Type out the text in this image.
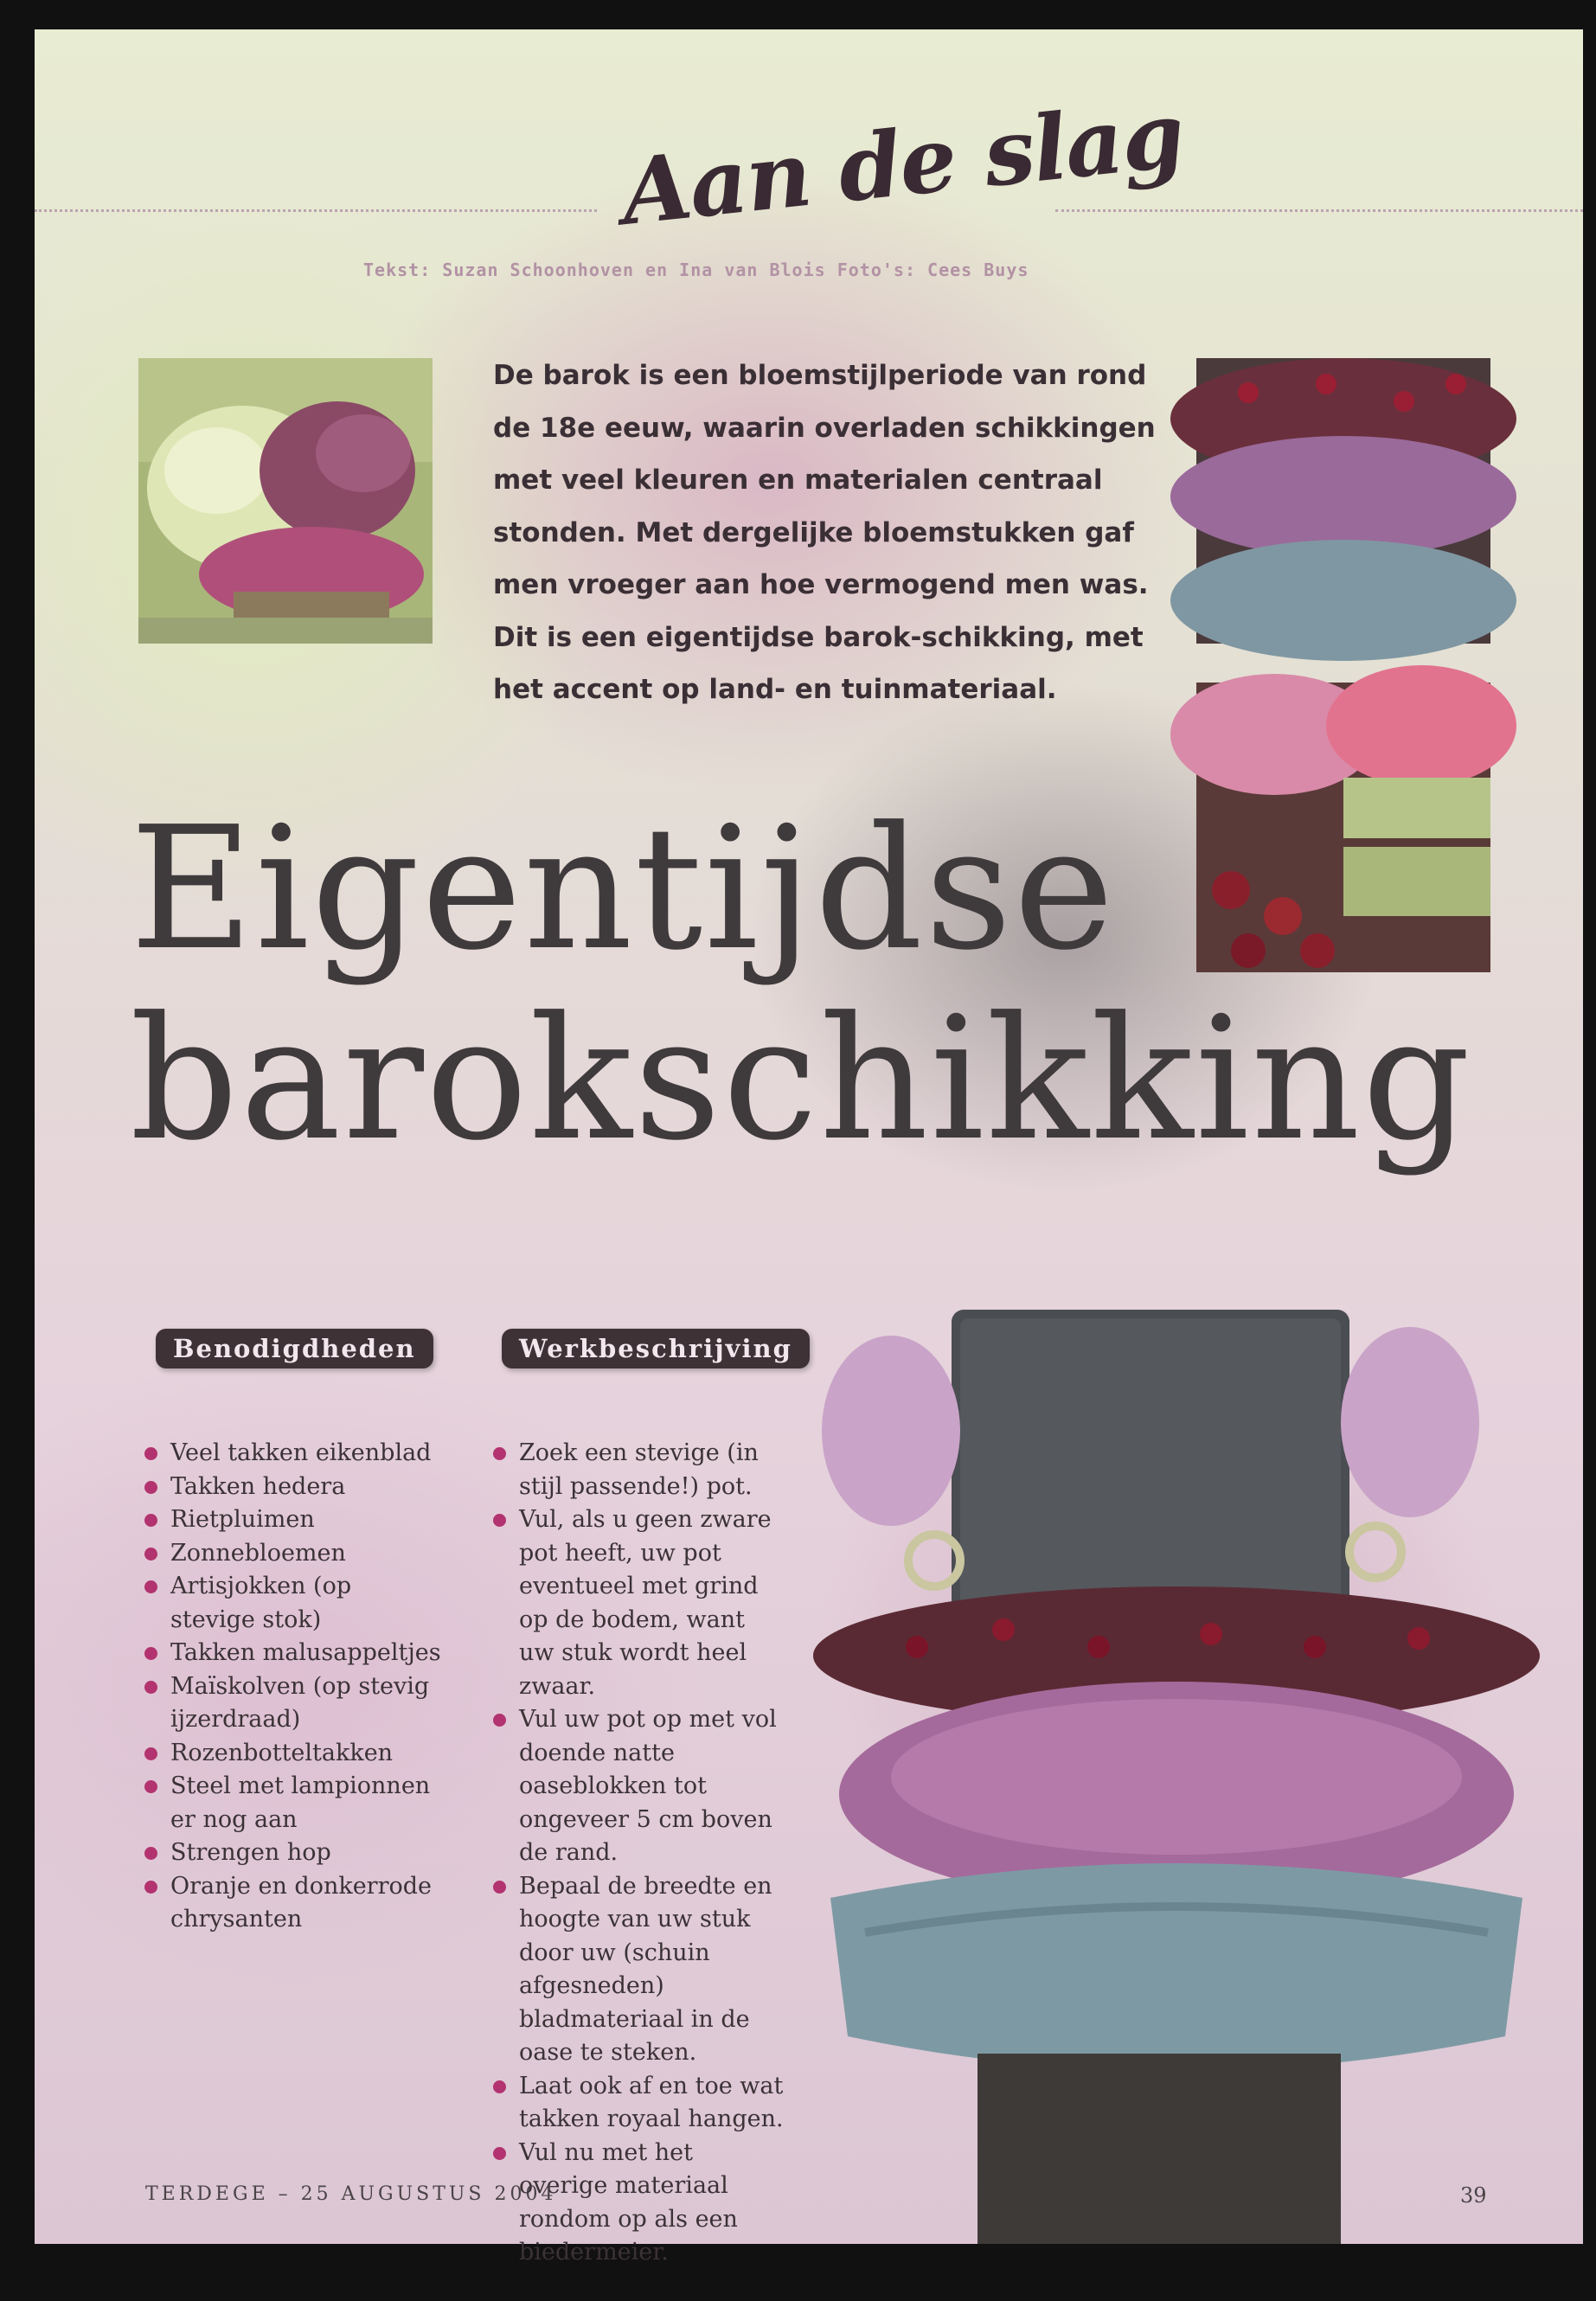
Aan de slag
Tekst: Suzan Schoonhoven en Ina van Blois Foto's: Cees Buys
De barok is een bloemstijlperiode van rond de 18e eeuw, waarin overladen schikkingen met veel kleuren en materialen centraal stonden. Met dergelijke bloemstukken gaf men vroeger aan hoe vermogend men was. Dit is een eigentijdse barok-schikking, met het accent op land- en tuinmateriaal.
Eigentijdse
barokschikking
Benodigdheden	Werkbeschrijving
Veel takken eikenblad
Takken hedera
Rietpluimen
Zonnebloemen
Artisjokken (op stevige stok)
Takken malusappeltjes
Maïskolven (op stevig ijzerdraad)
Rozenbotteltakken
Steel met lampionnen er nog aan
Strengen hop
Oranje en donkerrode chrysanten
Zoek een stevige (in stijl passende!) pot.
Vul, als u geen zware pot heeft, uw pot eventueel met grind op de bodem, want uw stuk wordt heel zwaar.
Vul uw pot op met vol doende natte oaseblokken tot ongeveer 5 cm boven de rand.
Bepaal de breedte en hoogte van uw stuk door uw (schuin afgesneden) bladmateriaal in de oase te steken.
Laat ook af en toe wat takken royaal hangen.
Vul nu met het overige materiaal rondom op als een biedermeier.
TERDEGE – 25 AUGUSTUS 2004	39
